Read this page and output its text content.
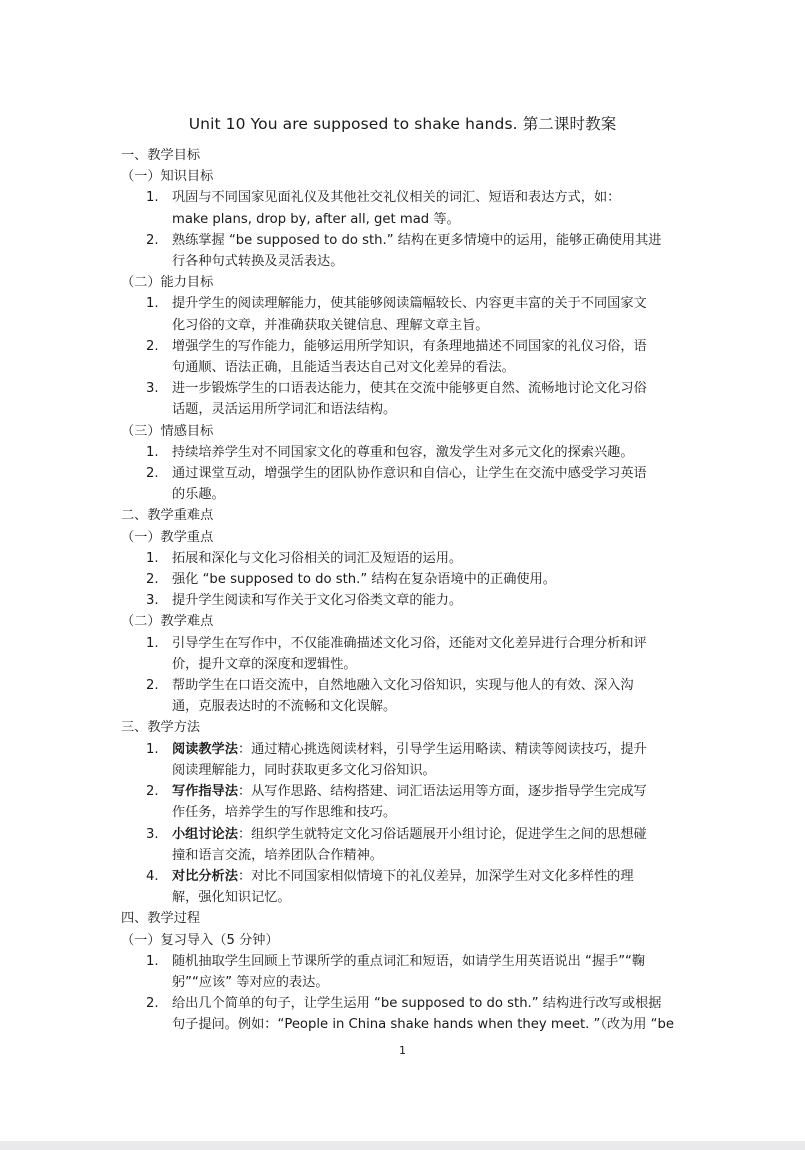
Unit 10 You are supposed to shake hands. 第二课时教案
一、教学目标
（一）知识目标
1.	巩固与不同国家见面礼仪及其他社交礼仪相关的词汇、短语和表达方式，如：
make plans, drop by, after all, get mad 等。
2.	熟练掌握 “be supposed to do sth.” 结构在更多情境中的运用，能够正确使用其进
行各种句式转换及灵活表达。
（二）能力目标
1.	提升学生的阅读理解能力，使其能够阅读篇幅较长、内容更丰富的关于不同国家文
化习俗的文章，并准确获取关键信息、理解文章主旨。
2.	增强学生的写作能力，能够运用所学知识，有条理地描述不同国家的礼仪习俗，语
句通顺、语法正确，且能适当表达自己对文化差异的看法。
3.	进一步锻炼学生的口语表达能力，使其在交流中能够更自然、流畅地讨论文化习俗
话题，灵活运用所学词汇和语法结构。
（三）情感目标
1.	持续培养学生对不同国家文化的尊重和包容，激发学生对多元文化的探索兴趣。
2.	通过课堂互动，增强学生的团队协作意识和自信心，让学生在交流中感受学习英语
的乐趣。
二、教学重难点
（一）教学重点
1.	拓展和深化与文化习俗相关的词汇及短语的运用。
2.	强化 “be supposed to do sth.” 结构在复杂语境中的正确使用。
3.	提升学生阅读和写作关于文化习俗类文章的能力。
（二）教学难点
1.	引导学生在写作中，不仅能准确描述文化习俗，还能对文化差异进行合理分析和评
价，提升文章的深度和逻辑性。
2.	帮助学生在口语交流中，自然地融入文化习俗知识，实现与他人的有效、深入沟
通，克服表达时的不流畅和文化误解。
三、教学方法
1.	阅读教学法：通过精心挑选阅读材料，引导学生运用略读、精读等阅读技巧，提升
阅读理解能力，同时获取更多文化习俗知识。
2.	写作指导法：从写作思路、结构搭建、词汇语法运用等方面，逐步指导学生完成写
作任务，培养学生的写作思维和技巧。
3.	小组讨论法：组织学生就特定文化习俗话题展开小组讨论，促进学生之间的思想碰
撞和语言交流，培养团队合作精神。
4.	对比分析法：对比不同国家相似情境下的礼仪差异，加深学生对文化多样性的理
解，强化知识记忆。
四、教学过程
（一）复习导入（5 分钟）
1.	随机抽取学生回顾上节课所学的重点词汇和短语，如请学生用英语说出 “握手”“鞠
躬”“应该” 等对应的表达。
2.	给出几个简单的句子，让学生运用 “be supposed to do sth.” 结构进行改写或根据
句子提问。例如：“People in China shake hands when they meet. ”（改为用 “be
1
